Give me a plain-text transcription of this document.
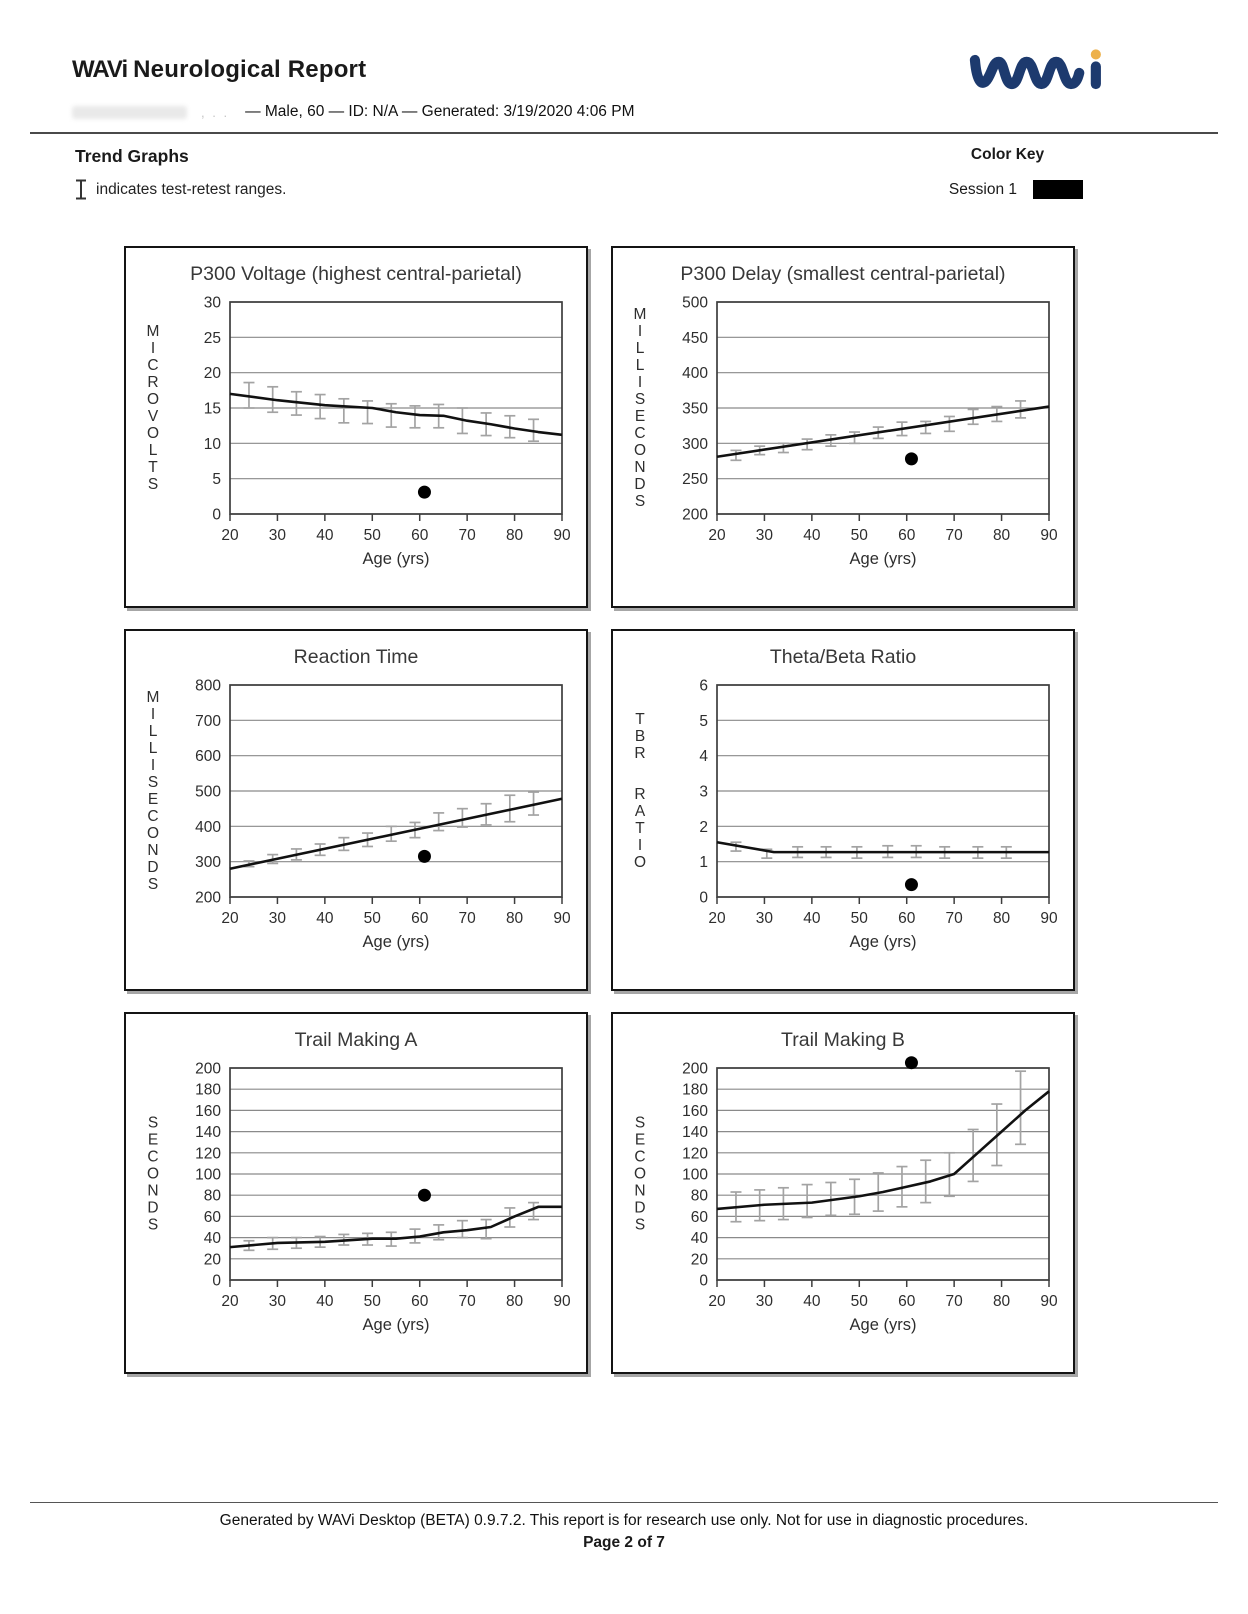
WAVi Neurological Report
, . . — Male, 60 — ID: N/A — Generated: 3/19/2020 4:06 PM
Trend Graphs
indicates test-retest ranges.
Color Key
Session 1
P300 Voltage (highest central-parietal)
0
5
10
15
20
25
30
M
I
C
R
O
V
O
L
T
S
20 30 40 50 60 70 80 90
Age (yrs)
P300 Delay (smallest central-parietal)
200
250
300
350
400
450
500
M
I
L
L
I
S
E
C
O
N
D
S
20 30 40 50 60 70 80 90
Age (yrs)
Reaction Time
200
300
400
500
600
700
800
M
I
L
L
I
S
E
C
O
N
D
S
20 30 40 50 60 70 80 90
Age (yrs)
Theta/Beta Ratio
0
1
2
3
4
5
6
T
B
R
R
A
T
I
O
20 30 40 50 60 70 80 90
Age (yrs)
Trail Making A
0
20
40
60
80
100
120
140
160
180
200
S
E
C
O
N
D
S
20 30 40 50 60 70 80 90
Age (yrs)
Trail Making B
0
20
40
60
80
100
120
140
160
180
200
S
E
C
O
N
D
S
20 30 40 50 60 70 80 90
Age (yrs)
Generated by WAVi Desktop (BETA) 0.9.7.2. This report is for research use only. Not for use in diagnostic procedures.
Page 2 of 7
